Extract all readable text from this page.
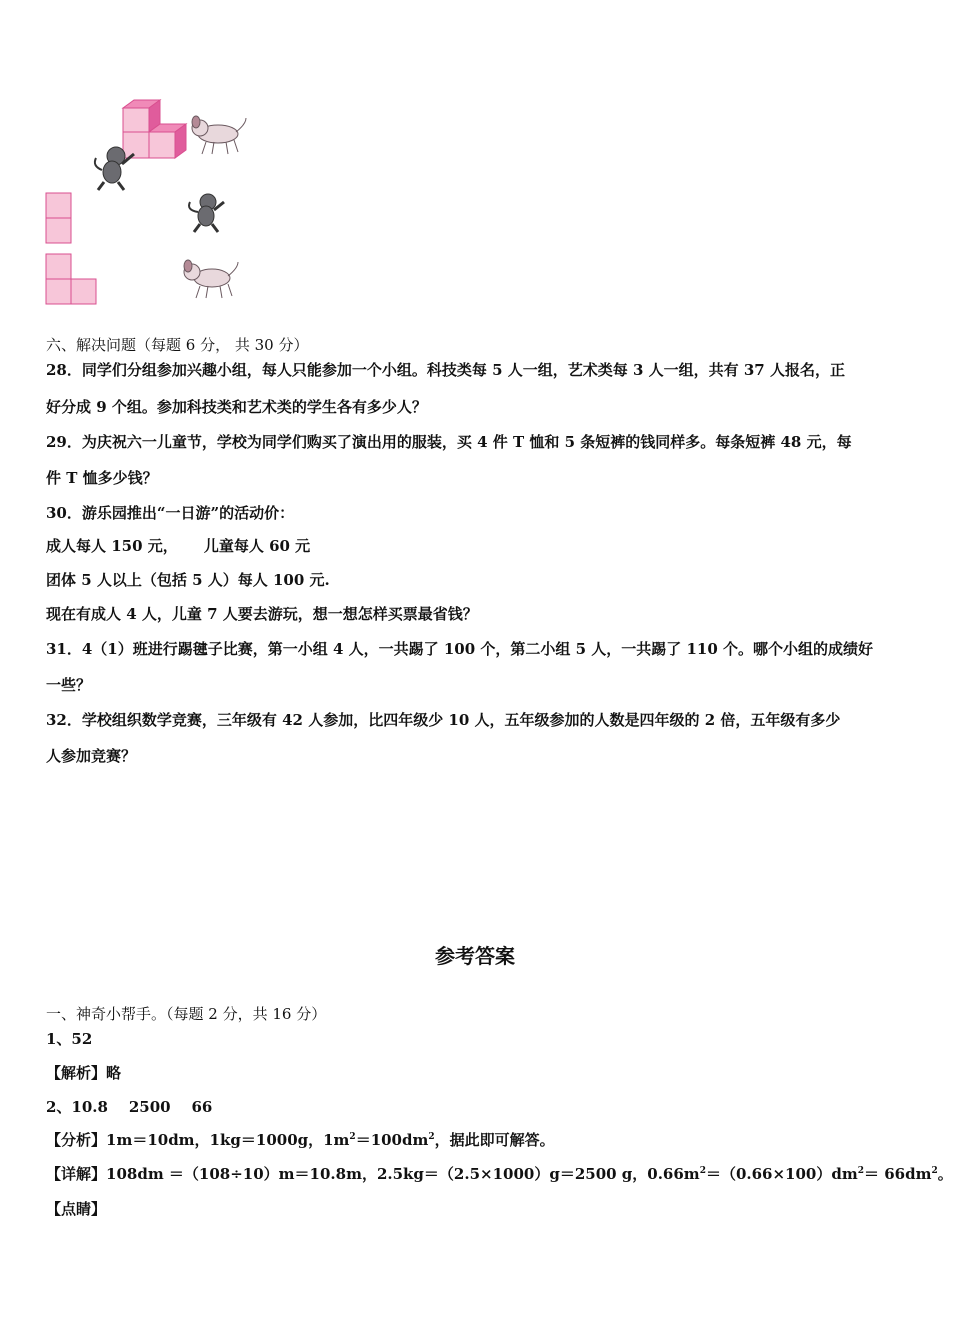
六、解决问题（每题 6 分， 共 30 分）
28．同学们分组参加兴趣小组，每人只能参加一个小组。科技类每 5 人一组，艺术类每 3 人一组，共有 37 人报名，正
好分成 9 个组。参加科技类和艺术类的学生各有多少人？
29．为庆祝六一儿童节，学校为同学们购买了演出用的服装，买 4 件 T 恤和 5 条短裤的钱同样多。每条短裤 48 元，每
件 T 恤多少钱？
30．游乐园推出“一日游”的活动价：
成人每人 150 元，     儿童每人 60 元
团体 5 人以上（包括 5 人）每人 100 元.
现在有成人 4 人，儿童 7 人要去游玩，想一想怎样买票最省钱？
31．4（1）班进行踢毽子比赛，第一小组 4 人，一共踢了 100 个，第二小组 5 人，一共踢了 110 个。哪个小组的成绩好
一些？
32．学校组织数学竞赛，三年级有 42 人参加，比四年级少 10 人，五年级参加的人数是四年级的 2 倍，五年级有多少
人参加竞赛？
参考答案
一、神奇小帮手。（每题 2 分，共 16 分）
1、52
【解析】略
2、10.8    2500    66
【分析】1m＝10dm，1kg＝1000g，$1m^2=100dm^2$，据此即可解答。
【详解】108dm ＝（108÷10）m＝10.8m，2.5kg＝（2.5×1000）g＝2500 g，$0.66m^2=(0.66\times 100)dm^2= 66dm^2$。
【点睛】
